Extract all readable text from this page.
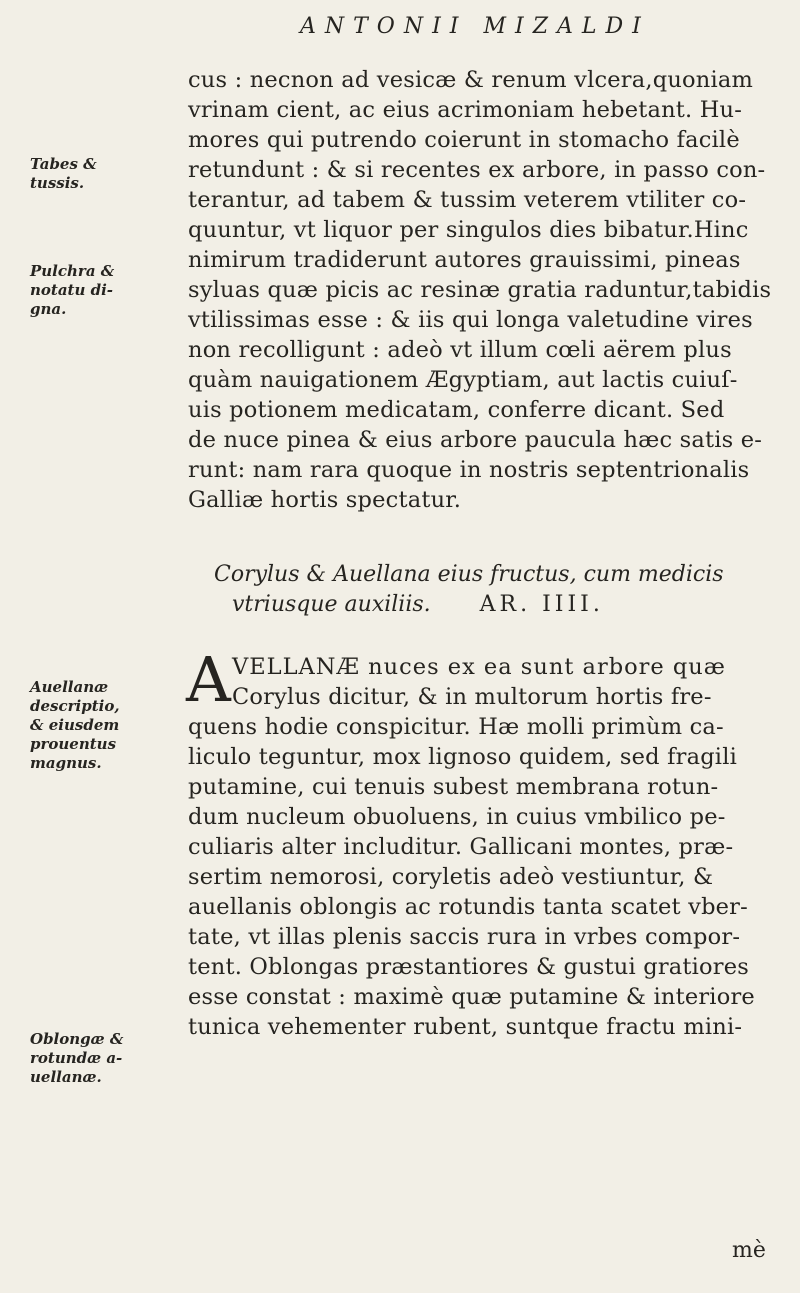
ANTONII MIZALDI
cus : necnon ad vesicæ & renum vlcera,quoniam
vrinam cient, ac eius acrimoniam hebetant. Hu-
mores qui putrendo coierunt in stomacho facilè
retundunt : & si recentes ex arbore, in passo con-
terantur, ad tabem & tussim veterem vtiliter co-
quuntur, vt liquor per singulos dies bibatur.Hinc
nimirum tradiderunt autores grauissimi, pineas
syluas quæ picis ac resinæ gratia raduntur,tabidis
vtilissimas esse : & iis qui longa valetudine vires
non recolligunt : adeò vt illum cœli aërem plus
quàm nauigationem Ægyptiam, aut lactis cuiuſ-
uis potionem medicatam, conferre dicant. Sed
de nuce pinea & eius arbore paucula hæc satis e-
runt: nam rara quoque in nostris septentrionalis
Galliæ hortis spectatur.
Tabes &
tussis.
Pulchra &
notatu di-
gna.
Corylus & Auellana eius fructus, cum medicis
vtriusque auxiliis. AR. IIII.
A VELLANÆ nuces ex ea sunt arbore quæ
Corylus dicitur, & in multorum hortis fre-
quens hodie conspicitur. Hæ molli primùm ca-
liculo teguntur, mox lignoso quidem, sed fragili
putamine, cui tenuis subest membrana rotun-
dum nucleum obuoluens, in cuius vmbilico pe-
culiaris alter includitur. Gallicani montes, præ-
sertim nemorosi, coryletis adeò vestiuntur, &
auellanis oblongis ac rotundis tanta scatet vber-
tate, vt illas plenis saccis rura in vrbes compor-
tent. Oblongas præstantiores & gustui gratiores
esse constat : maximè quæ putamine & interiore
tunica vehementer rubent, suntque fractu mini-
Auellanæ
descriptio,
& eiusdem
prouentus
magnus.
Oblongæ &
rotundæ a-
uellanæ.
mè
